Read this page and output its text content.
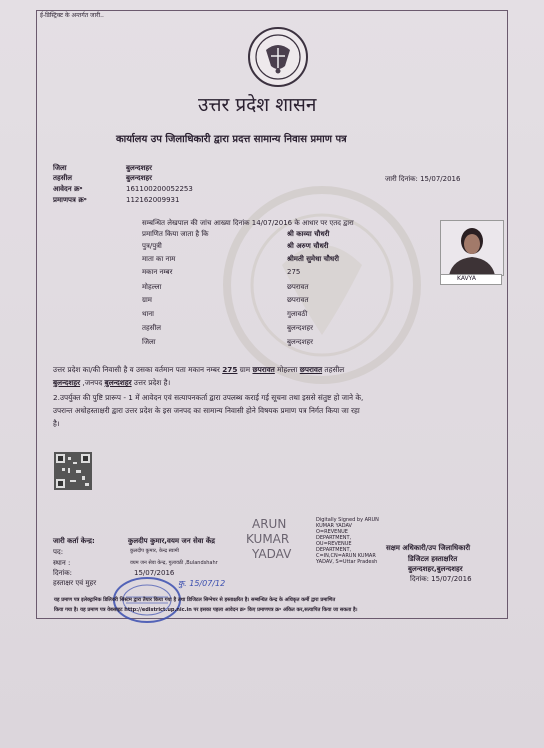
ई-डिस्ट्रिक्ट के अन्तर्गत जारी..
उत्तर प्रदेश शासन
कार्यालय उप जिलाधिकारी द्वारा प्रदत्त सामान्य निवास प्रमाण पत्र
जिला	बुलन्दशहर
तहसील	बुलन्दशहर
आवेदन क्र॰	161100200052253
प्रमाणपत्र क्र॰	112162009931
जारी दिनांक: 15/07/2016
सम्बन्धित लेखपाल की जांच आख्या दिनांक 14/07/2016 के आधार पर एतद द्वारा
प्रमाणित किया जाता है कि	श्री काव्या चौधरी
पुत्र/पुत्री	श्री अरुण चौधरी
माता का नाम	श्रीमती सुमेधा चौधरी
मकान नम्बर	275
मोहल्ला	छपरावत
ग्राम	छपरावत
थाना	गुलावठी
तहसील	बुलन्दशहर
जिला	बुलन्दशहर
KAVYA
उत्तर प्रदेश का/की निवासी है व उसका वर्तमान पता मकान नम्बर 275 ग्राम छपरावत मोहल्ला छपरावत तहसील
बुलन्दशहर ,जनपद बुलन्दशहर उत्तर प्रदेश है।
2.उपर्युक्त की पुष्टि प्रारूप - 1 में आवेदन एवं सत्यापनकर्ता द्वारा उपलब्ध कराई गई सूचना तथा इससे संतुष्ट हो जाने के,
उपरान्त अधोहस्ताक्षरी द्वारा उत्तर प्रदेश के इस जनपद का सामान्य निवासी होने विषयक प्रमाण पत्र निर्गत किया जा रहा
है।
जारी कर्ता केन्द्र:	कुलदीप कुमार,वयम जन सेवा केंद्र
कुलदीप कुमार, केन्द्र स्वामी
वयम जन सेवा केन्द्र, गुलावठी ,Bulandshahr
पद:
स्थान :
दिनांक:	15/07/2016
हस्ताक्षर एवं मुहर	कु. 15/07/12
ARUN
KUMAR
YADAV
Digitally Signed by ARUN
KUMAR YADAV
O=REVENUE
DEPARTMENT,
OU=REVENUE
DEPARTMENT,
C=IN,CN=ARUN KUMAR
YADAV, S=Uttar Pradesh
सक्षम अधिकारी/उप जिलाधिकारी
डिजिटल हस्ताक्षरित
बुलन्दशहर,बुलन्दशहर
दिनांक: 15/07/2016
यह प्रमाण पत्र इलेक्ट्रानिक डिलिवरी सिस्टम द्वारा तैयार किया गया है तथा डिजिटल सिग्नेचर से हस्ताक्षरित है। सम्बन्धित केन्द्र के अधिकृत कर्मी द्वारा प्रमाणित
किया गया है। यह प्रमाण पत्र वेबसाइट http://edistrict.up.nic.in पर इसका पहला आवेदन क्र॰ किए प्रमाणपत्र क्र॰ अंकित कर,सत्यापित किया जा सकता है।
